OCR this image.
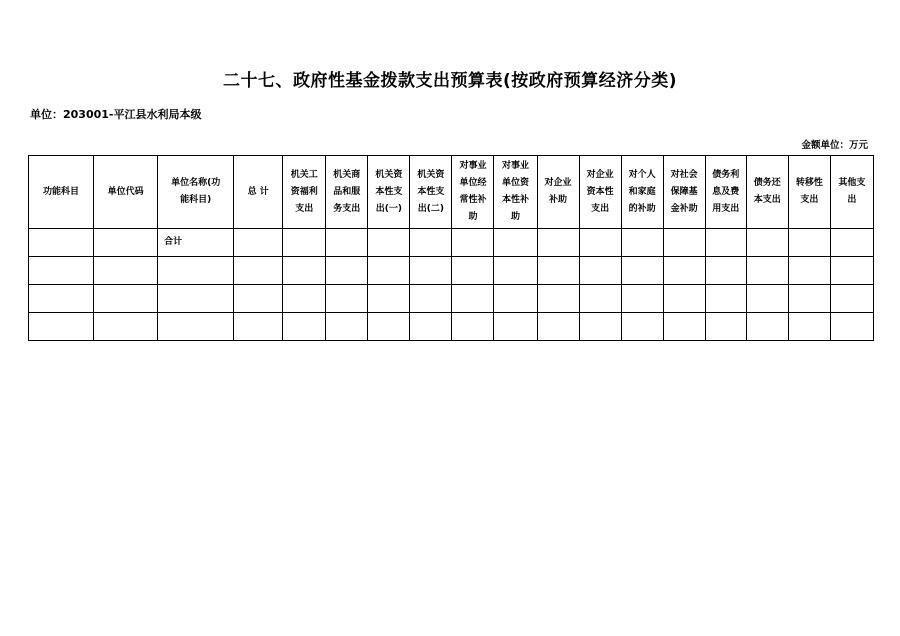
二十七、政府性基金拨款支出预算表(按政府预算经济分类)
单位：203001-平江县水利局本级
金额单位：万元
功能科目	单位代码	单位名称(功能科目)	总 计	机关工资福利支出	机关商品和服务支出	机关资本性支出(一)	机关资本性支出(二)	对事业单位经常性补助	对事业单位资本性补助	对企业补助	对企业资本性支出	对个人和家庭的补助	对社会保障基金补助	债务利息及费用支出	债务还本支出	转移性支出	其他支出
		合计															
